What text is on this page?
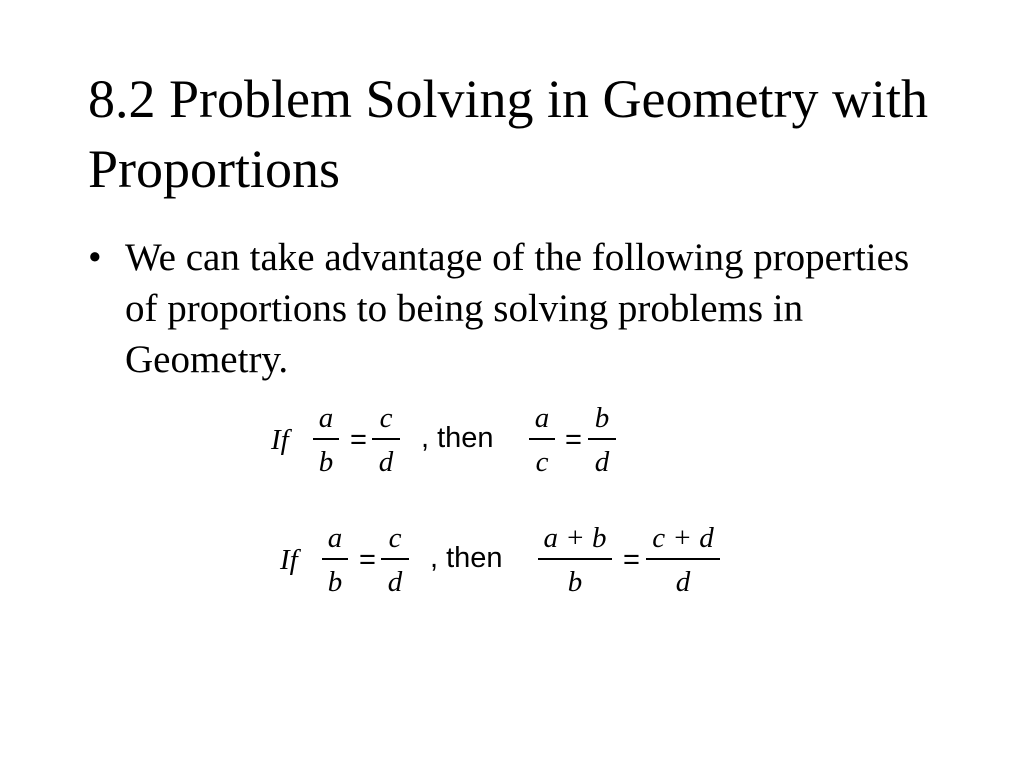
8.2 Problem Solving in Geometry with Proportions
• We can take advantage of the following properties of proportions to being solving problems in Geometry.
If
a
b
=
c
d
, then
a
c
=
b
d
If
a
b
=
c
d
, then
a + b
b
=
c + d
d
